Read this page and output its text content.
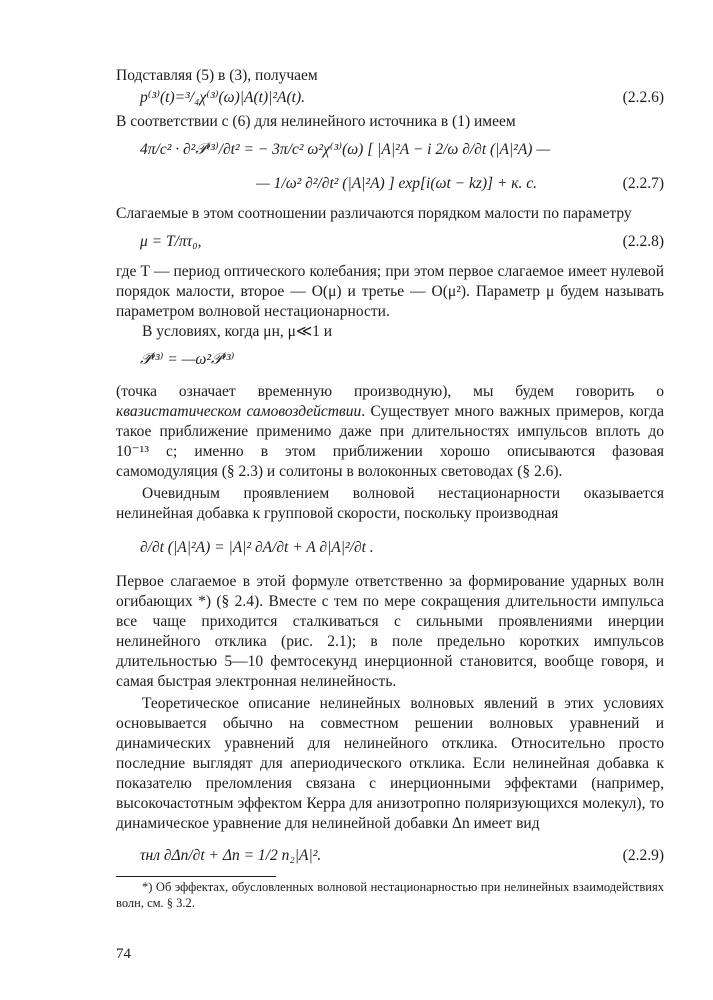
Подставляя (5) в (3), получаем

p⁽³⁾(t)=³/₄χ⁽³⁾(ω)|A(t)|²A(t).	(2.2.6)

В соответствии с (6) для нелинейного источника в (1) имеем

4π/c² · ∂²𝒫⁽³⁾/∂t² = − 3π/c² ω²χ⁽³⁾(ω) [ |A|²A − i 2/ω ∂/∂t (|A|²A) —
— 1/ω² ∂²/∂t² (|A|²A) ] exp[i(ωt − kz)] + к. с.	(2.2.7)

Слагаемые в этом соотношении различаются порядком малости по параметру

μ = T/πτ₀,	(2.2.8)

где T — период оптического колебания; при этом первое слагаемое имеет нулевой порядок малости, второе — O(μ) и третье — O(μ²). Параметр μ будем называть параметром волновой нестационарности.

В условиях, когда μн, μ≪1 и

𝒫̈⁽³⁾ = —ω²𝒫⁽³⁾

(точка означает временную производную), мы будем говорить о квазистатическом самовоздействии. Существует много важных примеров, когда такое приближение применимо даже при длительностях импульсов вплоть до 10⁻¹³ с; именно в этом приближении хорошо описываются фазовая самомодуляция (§ 2.3) и солитоны в волоконных световодах (§ 2.6).

Очевидным проявлением волновой нестационарности оказывается нелинейная добавка к групповой скорости, поскольку производная

∂/∂t (|A|²A) = |A|² ∂A/∂t + A ∂|A|²/∂t .

Первое слагаемое в этой формуле ответственно за формирование ударных волн огибающих *) (§ 2.4). Вместе с тем по мере сокращения длительности импульса все чаще приходится сталкиваться с сильными проявлениями инерции нелинейного отклика (рис. 2.1); в поле предельно коротких импульсов длительностью 5—10 фемтосекунд инерционной становится, вообще говоря, и самая быстрая электронная нелинейность.

Теоретическое описание нелинейных волновых явлений в этих условиях основывается обычно на совместном решении волновых уравнений и динамических уравнений для нелинейного отклика. Относительно просто последние выглядят для апериодического отклика. Если нелинейная добавка к показателю преломления связана с инерционными эффектами (например, высокочастотным эффектом Керра для анизотропно поляризующихся молекул), то динамическое уравнение для нелинейной добавки Δn имеет вид

τнл ∂Δn/∂t + Δn = 1/2 n₂|A|².	(2.2.9)

*) Об эффектах, обусловленных волновой нестационарностью при нелинейных взаимодействиях волн, см. § 3.2.

74
